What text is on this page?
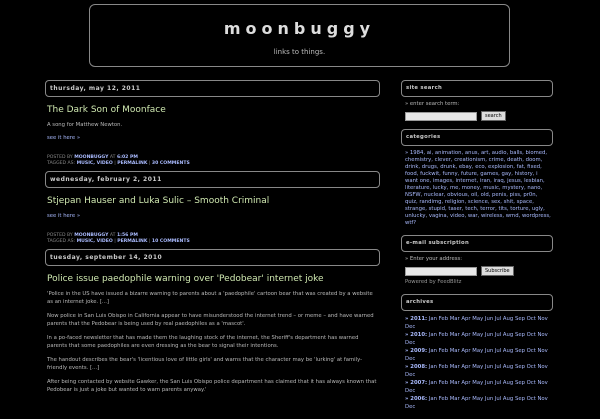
moonbuggy
links to things.
thursday, may 12, 2011
The Dark Son of Moonface

A song for Matthew Newton.

see it here »
POSTED BY MOONBUGGY AT 6:02 PM
TAGGED AS: MUSIC, VIDEO | PERMALINK | 30 COMMENTS
wednesday, february 2, 2011
Stjepan Hauser and Luka Sulic – Smooth Criminal
see it here »
POSTED BY MOONBUGGY AT 1:56 PM
TAGGED AS: MUSIC, VIDEO | PERMALINK | 10 COMMENTS
tuesday, september 14, 2010
Police issue paedophile warning over 'Pedobear' internet joke

'Police in the US have issued a bizarre warning to parents about a 'paedophile' cartoon bear that was created by a website as an internet joke. [...]

Now police in San Luis Obispo in California appear to have misunderstood the internet trend – or meme – and have warned parents that the Pedobear is being used by real paedophiles as a 'mascot'.

In a po-faced newsletter that has made them the laughing stock of the internet, the Sheriff's department has warned parents that some paedophiles are even dressing as the bear to signal their intentions.

The handout describes the bear's 'licentious love of little girls' and warns that the character may be 'lurking' at family-friendly events. [...]

After being contacted by website Gawker, the San Luis Obispo police department has claimed that it has always known that Pedobear is just a joke but wanted to warn parents anyway.'

site search
» enter search term:
search
categories
» 1984, ai, animation, anus, art, audio, balls, biomed, chemistry, clever, creationism, crime, death, doom, drink, drugs, drunk, ebay, eco, explosion, fat, fixed, food, fuckwit, funny, future, games, gay, history, i want one, images, internet, iran, iraq, jesus, lesbian, literature, lucky, me, money, music, mystery, nano, NSFW, nuclear, obvious, oil, old, penis, piss, pr0n, quiz, randimg, religion, science, sex, shit, space, strange, stupid, taser, tech, terror, tits, torture, ugly, unlucky, vagina, video, war, wireless, wmd, wordpress, wtf?
e-mail subscription
» Enter your address:
Subscribe
Powered by FeedBlitz
archives
» 2011: Jan Feb Mar Apr May Jun Jul Aug Sep Oct Nov Dec
» 2010: Jan Feb Mar Apr May Jun Jul Aug Sep Oct Nov Dec
» 2009: Jan Feb Mar Apr May Jun Jul Aug Sep Oct Nov Dec
» 2008: Jan Feb Mar Apr May Jun Jul Aug Sep Oct Nov Dec
» 2007: Jan Feb Mar Apr May Jun Jul Aug Sep Oct Nov Dec
» 2006: Jan Feb Mar Apr May Jun Jul Aug Sep Oct Nov Dec
